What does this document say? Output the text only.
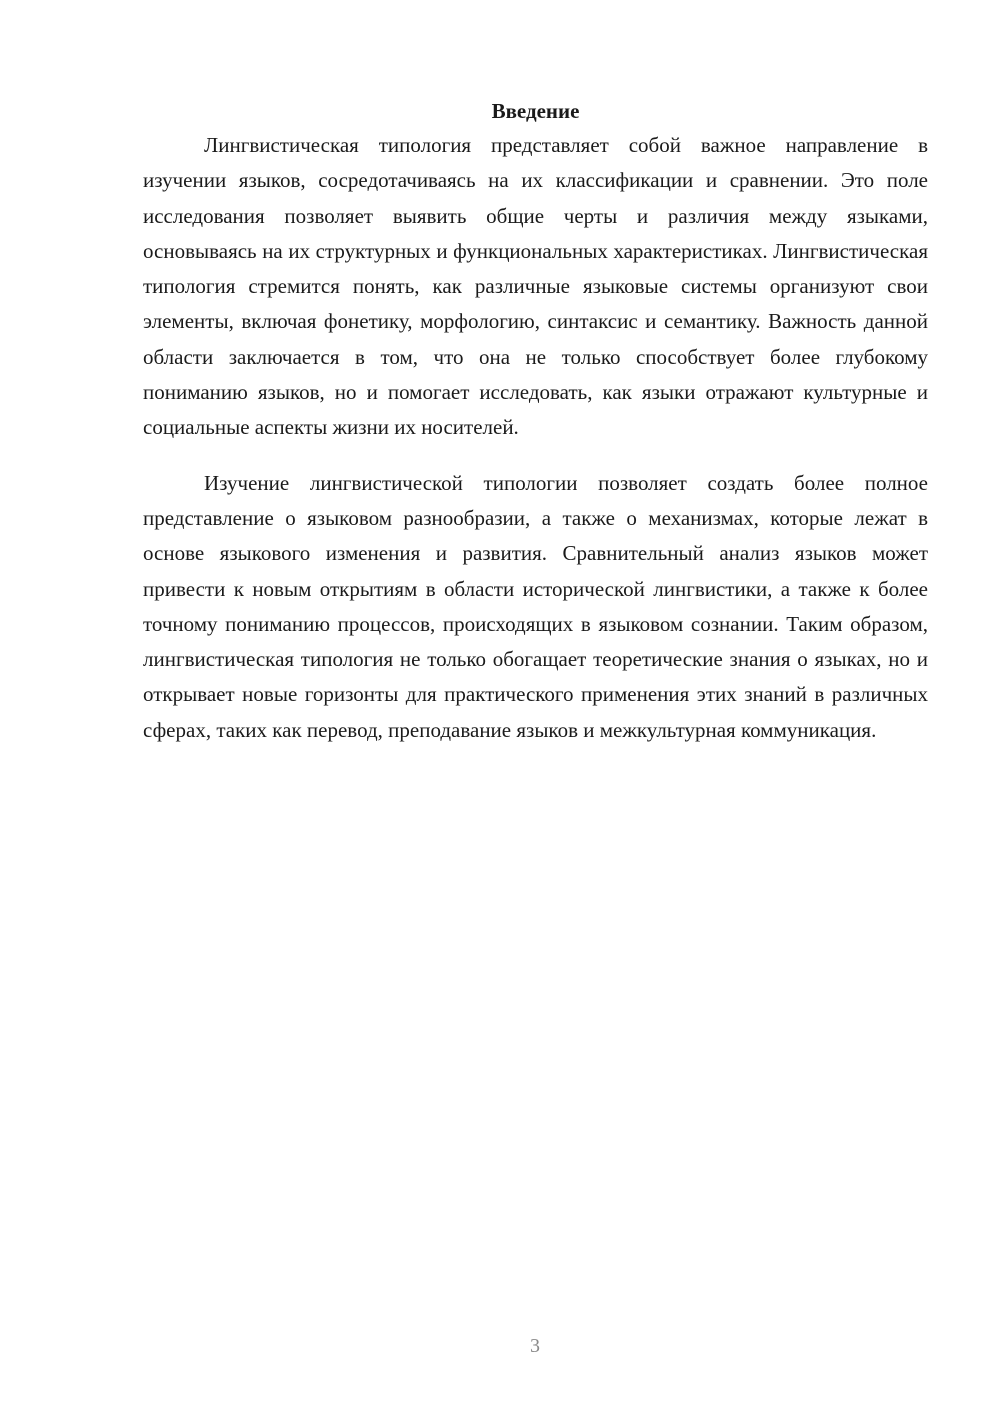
Введение

Лингвистическая типология представляет собой важное направление в изучении языков, сосредотачиваясь на их классификации и сравнении. Это поле исследования позволяет выявить общие черты и различия между языками, основываясь на их структурных и функциональных характеристиках. Лингвистическая типология стремится понять, как различные языковые системы организуют свои элементы, включая фонетику, морфологию, синтаксис и семантику. Важность данной области заключается в том, что она не только способствует более глубокому пониманию языков, но и помогает исследовать, как языки отражают культурные и социальные аспекты жизни их носителей.

Изучение лингвистической типологии позволяет создать более полное представление о языковом разнообразии, а также о механизмах, которые лежат в основе языкового изменения и развития. Сравнительный анализ языков может привести к новым открытиям в области исторической лингвистики, а также к более точному пониманию процессов, происходящих в языковом сознании. Таким образом, лингвистическая типология не только обогащает теоретические знания о языках, но и открывает новые горизонты для практического применения этих знаний в различных сферах, таких как перевод, преподавание языков и межкультурная коммуникация.

3
